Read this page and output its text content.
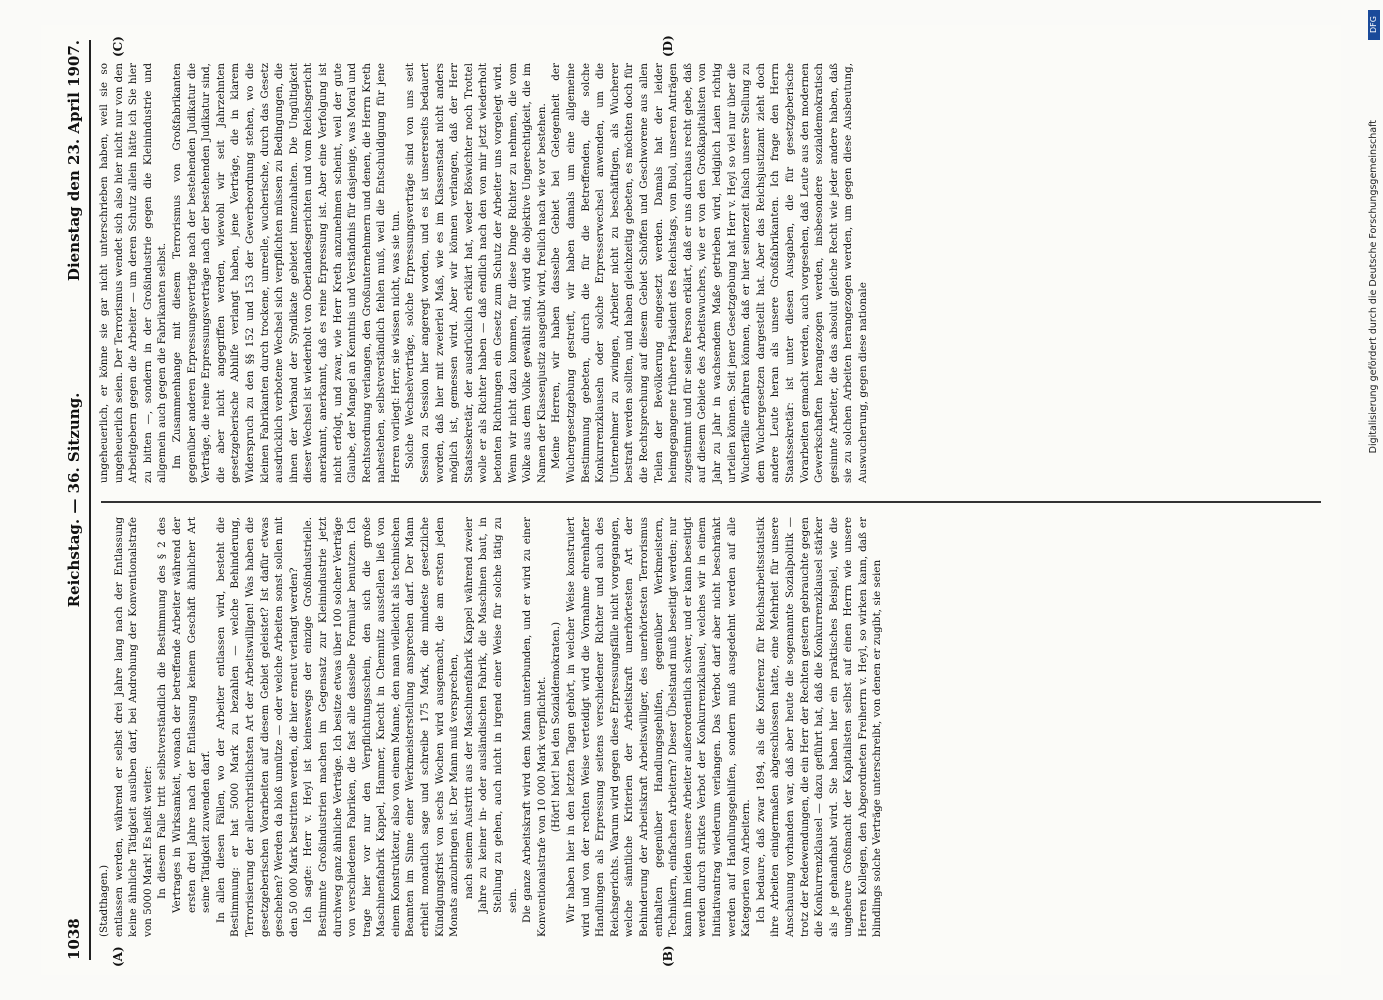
1038
Reichstag. — 36. Sitzung.
Dienstag den 23. April 1907.
(A)	(B)
(C)	(D)

(Stadthagen.) entlassen werden, während er selbst drei Jahre lang nach der Entlassung keine ähnliche Tätigkeit ausüben darf, bei Androhung der Konventionalstrafe von 5000 Mark! Es heißt weiter: In diesem Falle tritt selbstverständlich die Bestimmung des § 2 des Vertrages in Wirksamkeit, wonach der betreffende Arbeiter während der ersten drei Jahre nach der Entlassung keinem Geschäft ähnlicher Art seine Tätigkeit zuwenden darf. In allen diesen Fällen, wo der Arbeiter entlassen wird, besteht die Bestimmung: er hat 5000 Mark zu bezahlen — welche Behinderung, Terrorisierung der allerchristlichsten Art der Arbeitswilligen! Was haben die gesetzgeberischen Vorarbeiten auf diesem Gebiet geleistet? Ist dafür etwas geschehen? Werden da bloß unnütze — oder welche Arbeiten sonst sollen mit den 50 000 Mark bestritten werden, die hier erneut verlangt werden? Ich sagte: Herr v. Heyl ist keineswegs der einzige Großindustrielle. Bestimmte Großindustrien machen im Gegensatz zur Kleinindustrie jetzt durchweg ganz ähnliche Verträge. Ich besitze etwas über 100 solcher Verträge von verschiedenen Fabriken, die fast alle dasselbe Formular benutzen. Ich trage hier vor nur den Verpflichtungsschein, den sich die große Maschinenfabrik Kappel, Hammer, Knecht in Chemnitz ausstellen ließ von einem Konstrukteur, also von einem Manne, den man vielleicht als technischen Beamten im Sinne einer Werkmeisterstellung ansprechen darf. Der Mann erhielt monatlich sage und schreibe 175 Mark, die mindeste gesetzliche Kündigungsfrist von sechs Wochen wird ausgemacht, die am ersten jeden Monats anzubringen ist. Der Mann muß versprechen, nach seinem Austritt aus der Maschinenfabrik Kappel während zweier Jahre zu keiner in- oder ausländischen Fabrik, die Maschinen baut, in Stellung zu gehen, auch nicht in irgend einer Weise für solche tätig zu sein. Die ganze Arbeitskraft wird dem Mann unterbunden, und er wird zu einer Konventionalstrafe von 10 000 Mark verpflichtet. (Hört! hört! bei den Sozialdemokraten.) Wir haben hier in den letzten Tagen gehört, in welcher Weise konstruiert wird und von der rechten Weise verteidigt wird die Vornahme ehrenhafter Handlungen als Erpressung seitens verschiedener Richter und auch des Reichsgerichts. Warum wird gegen diese Erpressungsfälle nicht vorgegangen, welche sämtliche Kriterien der Arbeitskraft unerhörtesten Art der Behinderung der Arbeitskraft Arbeitswilliger, des unerhörtesten Terrorismus enthalten gegenüber Handlungsgehilfen, gegenüber Werkmeistern, Technikern, einfachen Arbeitern? Dieser Übelstand muß beseitigt werden; nur kann ihm leiden unsere Arbeiter außerordentlich schwer, und er kann beseitigt werden durch striktes Verbot der Konkurrenzklausel, welches wir in einem Initiativantrag wiederum verlangen. Das Verbot darf aber nicht beschränkt werden auf Handlungsgehilfen, sondern muß ausgedehnt werden auf alle Kategorien von Arbeitern. Ich bedaure, daß zwar 1894, als die Konferenz für Reichsarbeitsstatistik ihre Arbeiten einigermaßen abgeschlossen hatte, eine Mehrheit für unsere Anschauung vorhanden war, daß aber heute die sogenannte Sozialpolitik — trotz der Redewendungen, die ein Herr der Rechten gestern gebrauchte gegen die Konkurrenzklausel — dazu geführt hat, daß die Konkurrenzklausel stärker als je gehandhabt wird. Sie haben hier ein praktisches Beispiel, wie die ungeheure Großmacht der Kapitalisten selbst auf einen Herrn wie unsere Herren Kollegen, den Abgeordneten Freiherrn v. Heyl, so wirken kann, daß er blindlings solche Verträge unterschreibt, von denen er zugibt, sie seien

ungeheuerlich, er könne sie gar nicht unterschrieben haben, weil sie so ungeheuerlich seien. Der Terrorismus wendet sich also hier nicht nur von den Arbeitgebern gegen die Arbeiter — um deren Schutz allein hätte ich Sie hier zu bitten —, sondern in der Großindustrie gegen die Kleinindustrie und allgemein auch gegen die Fabrikanten selbst. Im Zusammenhange mit diesem Terrorismus von Großfabrikanten gegenüber anderen Erpressungsverträge nach der bestehenden Judikatur die Verträge, die reine Erpressungsverträge nach der bestehenden Judikatur sind, die aber nicht angegriffen werden, wiewohl wir seit Jahrzehnten gesetzgeberische Abhilfe verlangt haben, jene Verträge, die in klarem Widerspruch zu den §§ 152 und 153 der Gewerbeordnung stehen, wo die kleinen Fabrikanten durch trockene, unreelle, wucherische, durch das Gesetz ausdrücklich verbotene Wechsel sich verpflichten müssen zu Bedingungen, die ihnen der Verband der Syndikate gebietet innezuhalten. Die Ungültigkeit dieser Wechsel ist wiederholt von Oberlandesgerichten und vom Reichsgericht anerkannt, anerkannt, daß es reine Erpressung ist. Aber eine Verfolgung ist nicht erfolgt, und zwar, wie Herr Kreth anzunehmen scheint, weil der gute Glaube, der Mangel an Kenntnis und Verständnis für dasjenige, was Moral und Rechtsordnung verlangen, den Großunternehmern und denen, die Herrn Kreth nahestehen, selbstverständlich fehlen muß, weil die Entschuldigung für jene Herren vorliegt: Herr, sie wissen nicht, was sie tun. Solche Wechselverträge, solche Erpressungsverträge sind von uns seit Session zu Session hier angeregt worden, und es ist unsererseits bedauert worden, daß hier mit zweierlei Maß, wie es im Klassenstaat nicht anders möglich ist, gemessen wird. Aber wir können verlangen, daß der Herr Staatssekretär, der ausdrücklich erklärt hat, weder Böswichter noch Trottel wolle er als Richter haben — daß endlich nach den von mir jetzt wiederholt betonten Richtungen ein Gesetz zum Schutz der Arbeiter uns vorgelegt wird. Wenn wir nicht dazu kommen, für diese Dinge Richter zu nehmen, die vom Volke aus dem Volke gewählt sind, wird die objektive Ungerechtigkeit, die im Namen der Klassenjustiz ausgeübt wird, freilich nach wie vor bestehen. Meine Herren, wir haben dasselbe Gebiet bei Gelegenheit der Wuchergesetzgebung gestreift, wir haben damals um eine allgemeine Bestimmung gebeten, durch die für die Betreffenden, die solche Konkurrenzklauseln oder solche Erpresserwechsel anwenden, um die Unternehmer zu zwingen, Arbeiter nicht zu beschäftigen, als Wucherer bestraft werden sollten, und haben gleichzeitig gebeten, es möchten doch für die Rechtsprechung auf diesem Gebiet Schöffen und Geschworene aus allen Teilen der Bevölkerung eingesetzt werden. Damals hat der leider heimgegangene frühere Präsident des Reichstags, von Buol, unseren Anträgen zugestimmt und für seine Person erklärt, daß er uns durchaus recht gebe, daß auf diesem Gebiete des Arbeitswuchers, wie er von den Großkapitalisten von Jahr zu Jahr in wachsendem Maße getrieben wird, lediglich Laien richtig urteilen können. Seit jener Gesetzgebung hat Herr v. Heyl so viel nur über die Wucherfälle erfahren können, daß er hier seinerzeit falsch unsere Stellung zu dem Wuchergesetzen dargestellt hat. Aber das Reichsjustizamt zieht doch andere Leute heran als unsere Großfabrikanten. Ich frage den Herrn Staatssekretär: ist unter diesen Ausgaben, die für gesetzgeberische Vorarbeiten gemacht werden, auch vorgesehen, daß Leute aus den modernen Gewerkschaften herangezogen werden, insbesondere sozialdemokratisch gesinnte Arbeiter, die das absolut gleiche Recht wie jeder andere haben, daß sie zu solchen Arbeiten herangezogen werden, um gegen diese Ausbeutung, Auswucherung, gegen diese nationale

DFG
Digitalisierung gefördert durch die Deutsche Forschungsgemeinschaft
